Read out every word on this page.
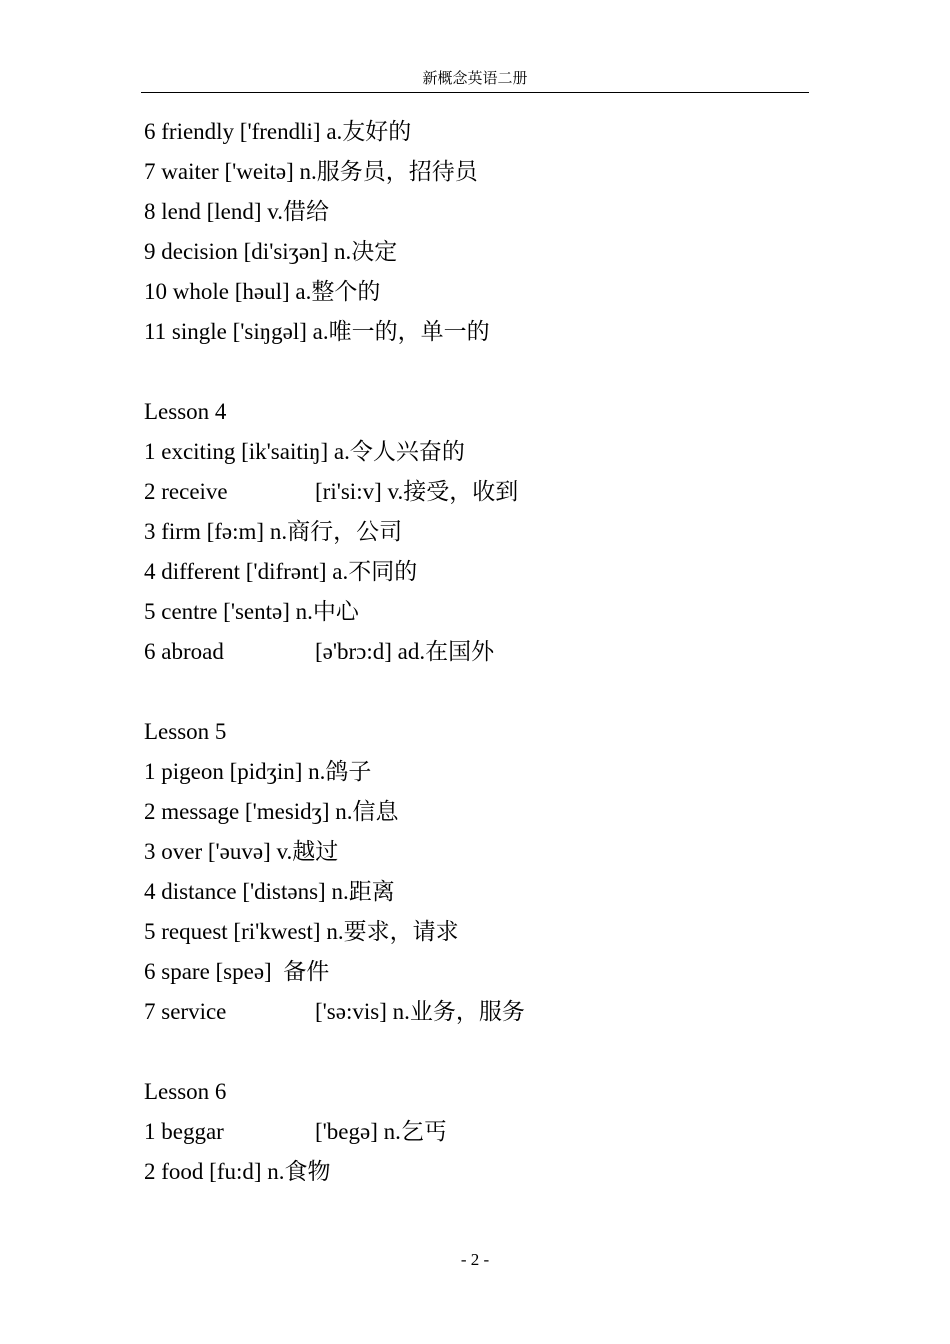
新概念英语二册
6 friendly ['frendli] a.友好的
7 waiter ['weitə] n.服务员，招待员
8 lend [lend] v.借给
9 decision [di'siʒən] n.决定
10 whole [həul] a.整个的
11 single ['siŋgəl] a.唯一的，单一的
Lesson 4
1 exciting [ik'saitiŋ] a.令人兴奋的
2 receive	[ri'si:v] v.接受，收到
3 firm [fə:m] n.商行，公司
4 different ['difrənt] a.不同的
5 centre ['sentə] n.中心
6 abroad	[ə'brɔ:d] ad.在国外
Lesson 5
1 pigeon [pidʒin] n.鸽子
2 message ['mesidʒ] n.信息
3 over ['əuvə] v.越过
4 distance ['distəns] n.距离
5 request [ri'kwest] n.要求，请求
6 spare [speə]  备件
7 service	['sə:vis] n.业务，服务
Lesson 6
1 beggar	['begə] n.乞丐
2 food [fu:d] n.食物
- 2 -
